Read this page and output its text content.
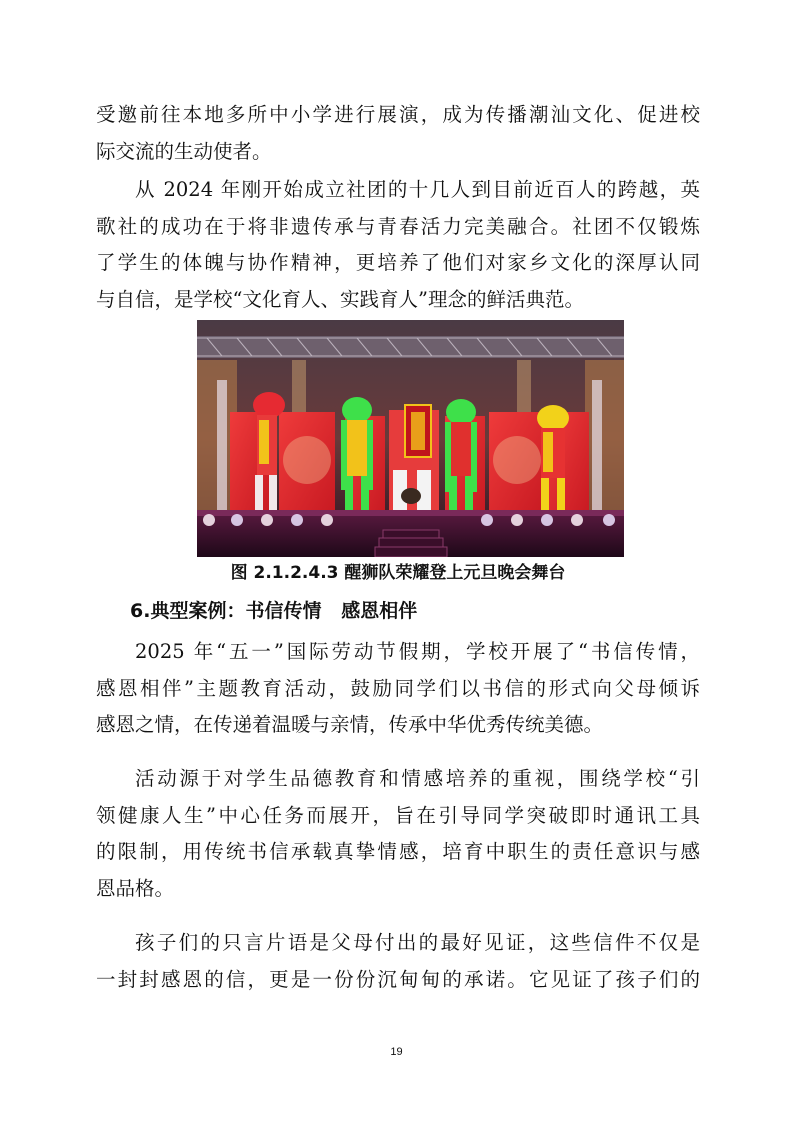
受邀前往本地多所中小学进行展演，成为传播潮汕文化、促进校
际交流的生动使者。
从 2024 年刚开始成立社团的十几人到目前近百人的跨越，英
歌社的成功在于将非遗传承与青春活力完美融合。社团不仅锻炼
了学生的体魄与协作精神，更培养了他们对家乡文化的深厚认同
与自信，是学校“文化育人、实践育人”理念的鲜活典范。
图 2.1.2.4.3 醒狮队荣耀登上元旦晚会舞台
6.典型案例：书信传情   感恩相伴
2025 年“五一”国际劳动节假期，学校开展了“书信传情，
感恩相伴”主题教育活动，鼓励同学们以书信的形式向父母倾诉
感恩之情，在传递着温暖与亲情，传承中华优秀传统美德。
活动源于对学生品德教育和情感培养的重视，围绕学校“引
领健康人生”中心任务而展开，旨在引导同学突破即时通讯工具
的限制，用传统书信承载真挚情感，培育中职生的责任意识与感
恩品格。
孩子们的只言片语是父母付出的最好见证，这些信件不仅是
一封封感恩的信，更是一份份沉甸甸的承诺。它见证了孩子们的
19
